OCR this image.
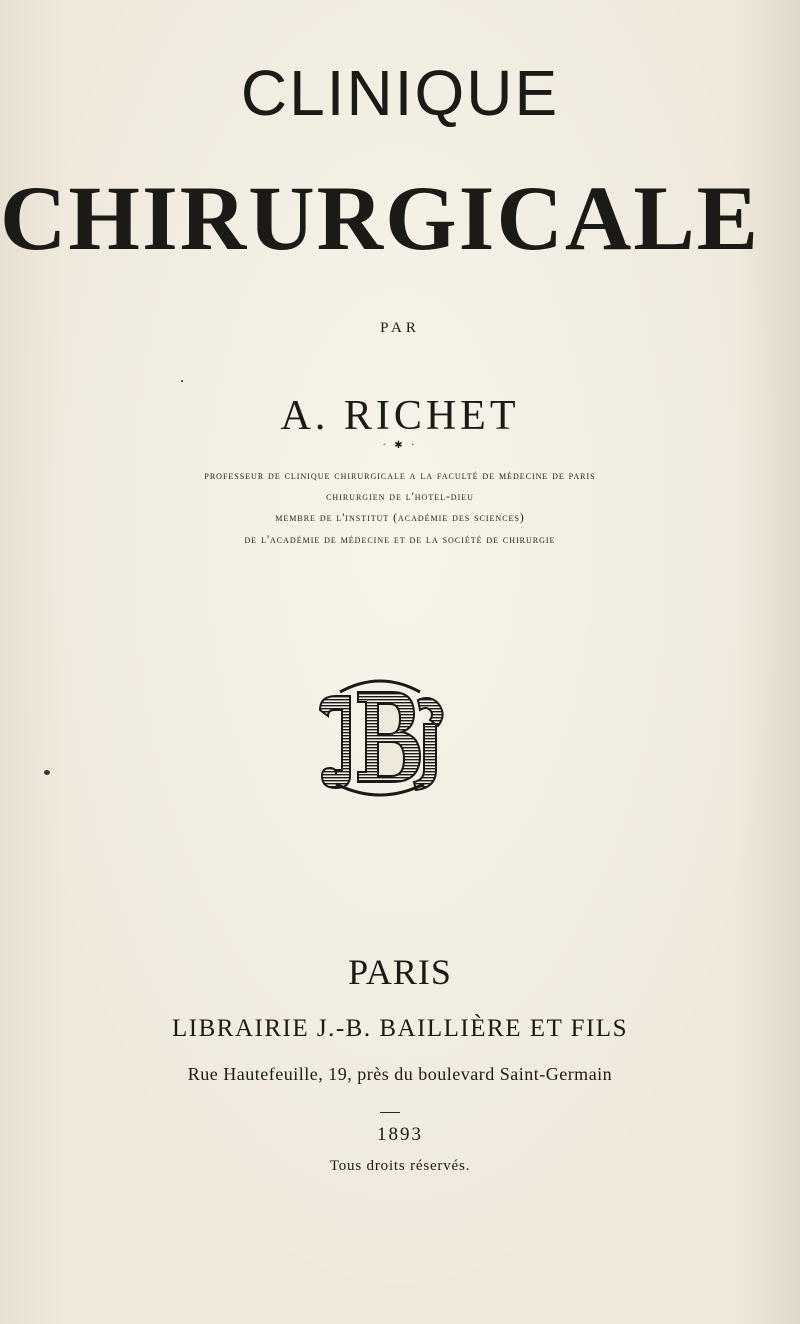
CLINIQUE
CHIRURGICALE
PAR
A. RICHET
· ✱ ·
professeur de clinique chirurgicale a la faculté de médecine de paris
chirurgien de l'hotel-dieu
membre de l'institut (académie des sciences)
de l'académie de médecine et de la société de chirurgie
PARIS
LIBRAIRIE J.-B. BAILLIÈRE ET FILS
Rue Hautefeuille, 19, près du boulevard Saint-Germain
1893
Tous droits réservés.
